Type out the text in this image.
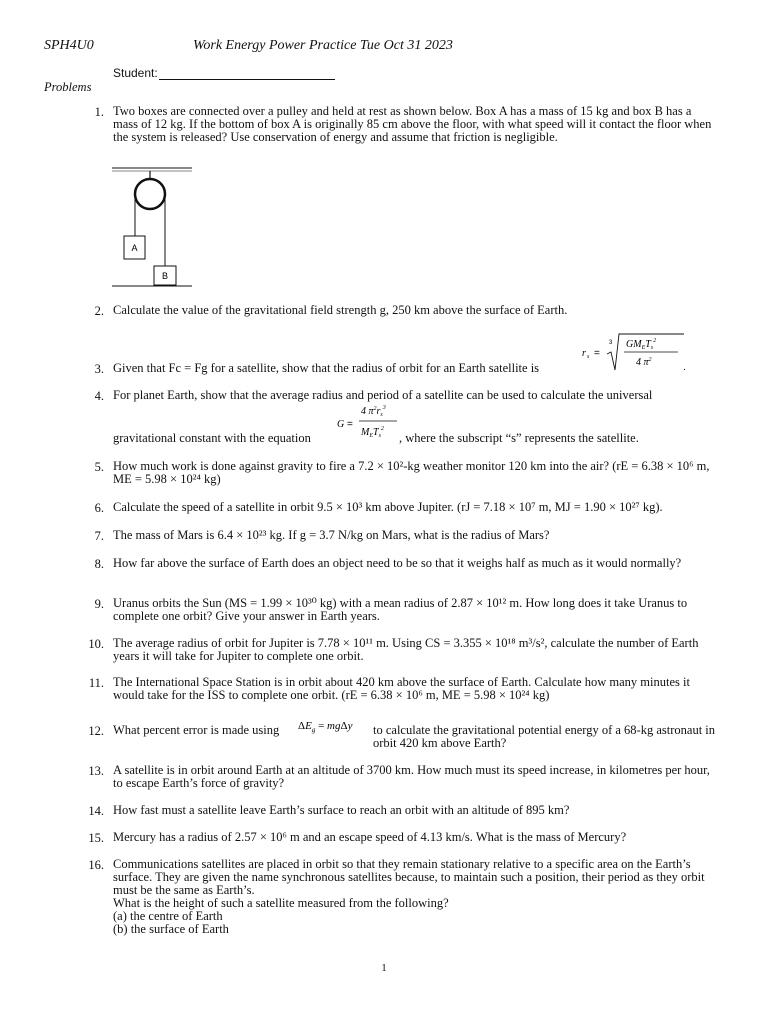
SPH4U0	Work Energy Power Practice Tue Oct 31 2023
Student:
Problems
1. Two boxes are connected over a pulley and held at rest as shown below. Box A has a mass of 15 kg and box B has a mass of 12 kg. If the bottom of box A is originally 85 cm above the floor, with what speed will it contact the floor when the system is released? Use conservation of energy and assume that friction is negligible.
A
B
2. Calculate the value of the gravitational field strength g, 250 km above the surface of Earth.
3. Given that Fc = Fg for a satellite, show that the radius of orbit for an Earth satellite is
r s =
3 $GM_ET_s^2$
4 $\pi^2$
.
4. For planet Earth, show that the average radius and period of a satellite can be used to calculate the universal
gravitational constant with the equation
G =
4 $\pi^2r_s^3$
$M_ET_s^2$
, where the subscript “s” represents the satellite.
5. How much work is done against gravity to fire a 7.2 × 10²-kg weather monitor 120 km into the air? (rE = 6.38 × 10⁶ m, ME = 5.98 × 10²⁴ kg)
6. Calculate the speed of a satellite in orbit 9.5 × 10³ km above Jupiter. (rJ = 7.18 × 10⁷ m, MJ = 1.90 × 10²⁷ kg).
7. The mass of Mars is 6.4 × 10²³ kg. If g = 3.7 N/kg on Mars, what is the radius of Mars?
8. How far above the surface of Earth does an object need to be so that it weighs half as much as it would normally?
9. Uranus orbits the Sun (MS = 1.99 × 10³⁰ kg) with a mean radius of 2.87 × 10¹² m. How long does it take Uranus to complete one orbit? Give your answer in Earth years.
10. The average radius of orbit for Jupiter is 7.78 × 10¹¹ m. Using CS = 3.355 × 10¹⁸ m³/s², calculate the number of Earth years it will take for Jupiter to complete one orbit.
11. The International Space Station is in orbit about 420 km above the surface of Earth. Calculate how many minutes it would take for the ISS to complete one orbit. (rE = 6.38 × 10⁶ m, ME = 5.98 × 10²⁴ kg)
12. What percent error is made using	$\Delta E_g = mg\Delta y$ to calculate the gravitational potential energy of a 68-kg astronaut in orbit 420 km above Earth?
13. A satellite is in orbit around Earth at an altitude of 3700 km. How much must its speed increase, in kilometres per hour, to escape Earth’s force of gravity?
14. How fast must a satellite leave Earth’s surface to reach an orbit with an altitude of 895 km?
15. Mercury has a radius of 2.57 × 10⁶ m and an escape speed of 4.13 km/s. What is the mass of Mercury?
16. Communications satellites are placed in orbit so that they remain stationary relative to a specific area on the Earth’s surface. They are given the name synchronous satellites because, to maintain such a position, their period as they orbit must be the same as Earth’s.
What is the height of such a satellite measured from the following?
(a) the centre of Earth
(b) the surface of Earth
1
